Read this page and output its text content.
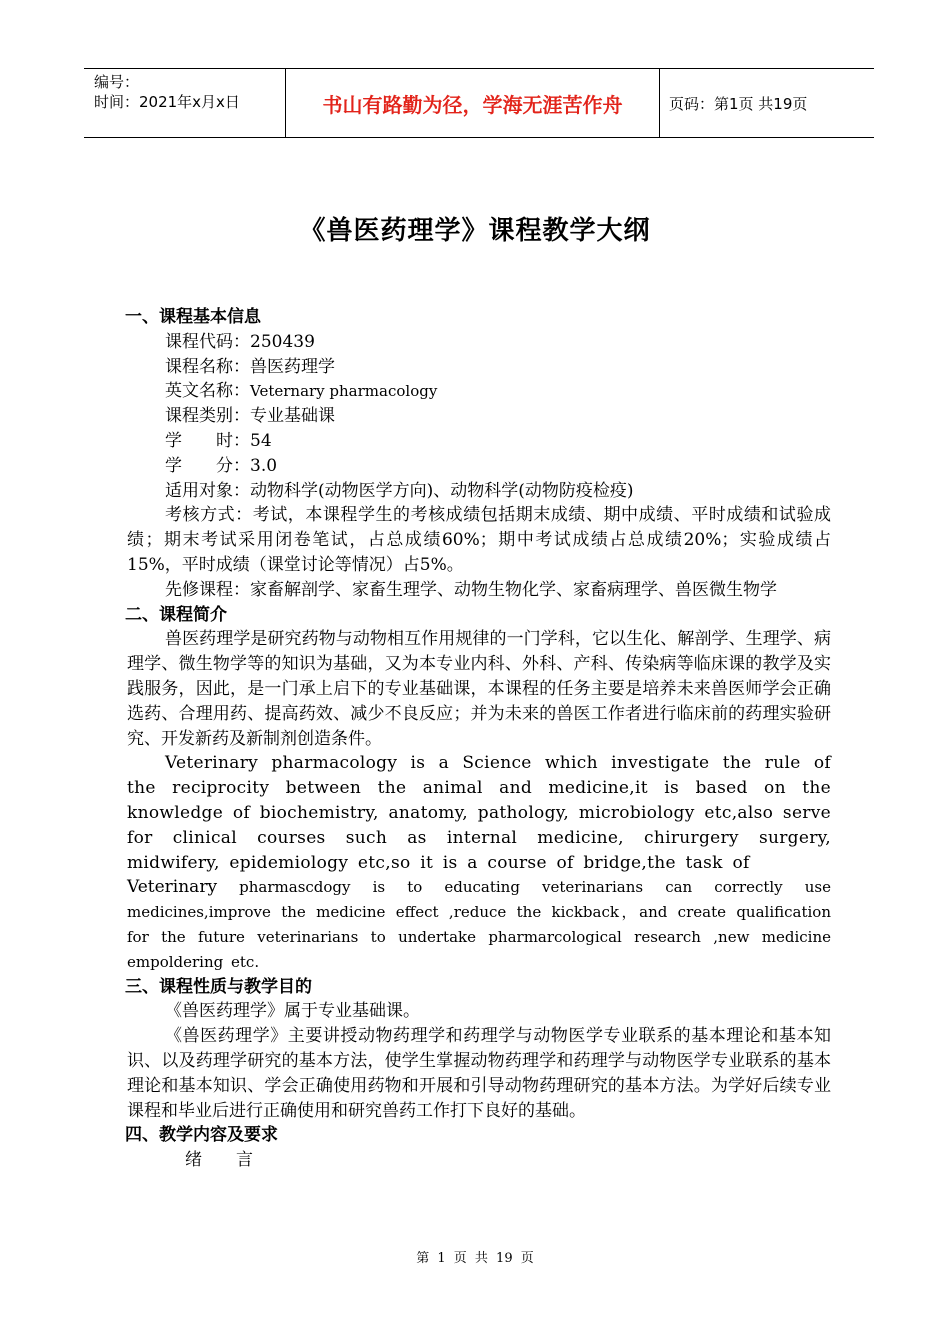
编号：
时间：2021年x月x日	书山有路勤为径，学海无涯苦作舟	页码：第1页 共19页
《兽医药理学》课程教学大纲
一、课程基本信息
课程代码：250439
课程名称：兽医药理学
英文名称：Veternary pharmacology
课程类别：专业基础课
学　　时：54
学　　分：3.0
适用对象：动物科学(动物医学方向)、动物科学(动物防疫检疫)
考核方式：考试，本课程学生的考核成绩包括期末成绩、期中成绩、平时成绩和试验成绩；期末考试采用闭卷笔试，占总成绩60%；期中考试成绩占总成绩20%；实验成绩占15%，平时成绩（课堂讨论等情况）占5%。
先修课程：家畜解剖学、家畜生理学、动物生物化学、家畜病理学、兽医微生物学
二、课程简介
兽医药理学是研究药物与动物相互作用规律的一门学科，它以生化、解剖学、生理学、病理学、微生物学等的知识为基础，又为本专业内科、外科、产科、传染病等临床课的教学及实践服务，因此，是一门承上启下的专业基础课，本课程的任务主要是培养未来兽医师学会正确选药、合理用药、提高药效、减少不良反应；并为未来的兽医工作者进行临床前的药理实验研究、开发新药及新制剂创造条件。
Veterinary pharmacology is a Science which investigate the rule of the reciprocity between the animal and medicine,it is based on the knowledge of biochemistry, anatomy, pathology, microbiology etc,also serve for clinical courses such as internal medicine, chirurgery surgery, midwifery, epidemiology etc,so it is a course of bridge,the task of
Veterinary pharmascdogy is to educating veterinarians can correctly use medicines,improve the medicine effect ,reduce the kickback，and create qualification for the future veterinarians to undertake pharmarcological research ,new medicine empoldering etc.
三、课程性质与教学目的
《兽医药理学》属于专业基础课。
《兽医药理学》主要讲授动物药理学和药理学与动物医学专业联系的基本理论和基本知识、以及药理学研究的基本方法，使学生掌握动物药理学和药理学与动物医学专业联系的基本理论和基本知识、学会正确使用药物和开展和引导动物药理研究的基本方法。为学好后续专业课程和毕业后进行正确使用和研究兽药工作打下良好的基础。
四、教学内容及要求
绪　　言
第 1 页 共 19 页
